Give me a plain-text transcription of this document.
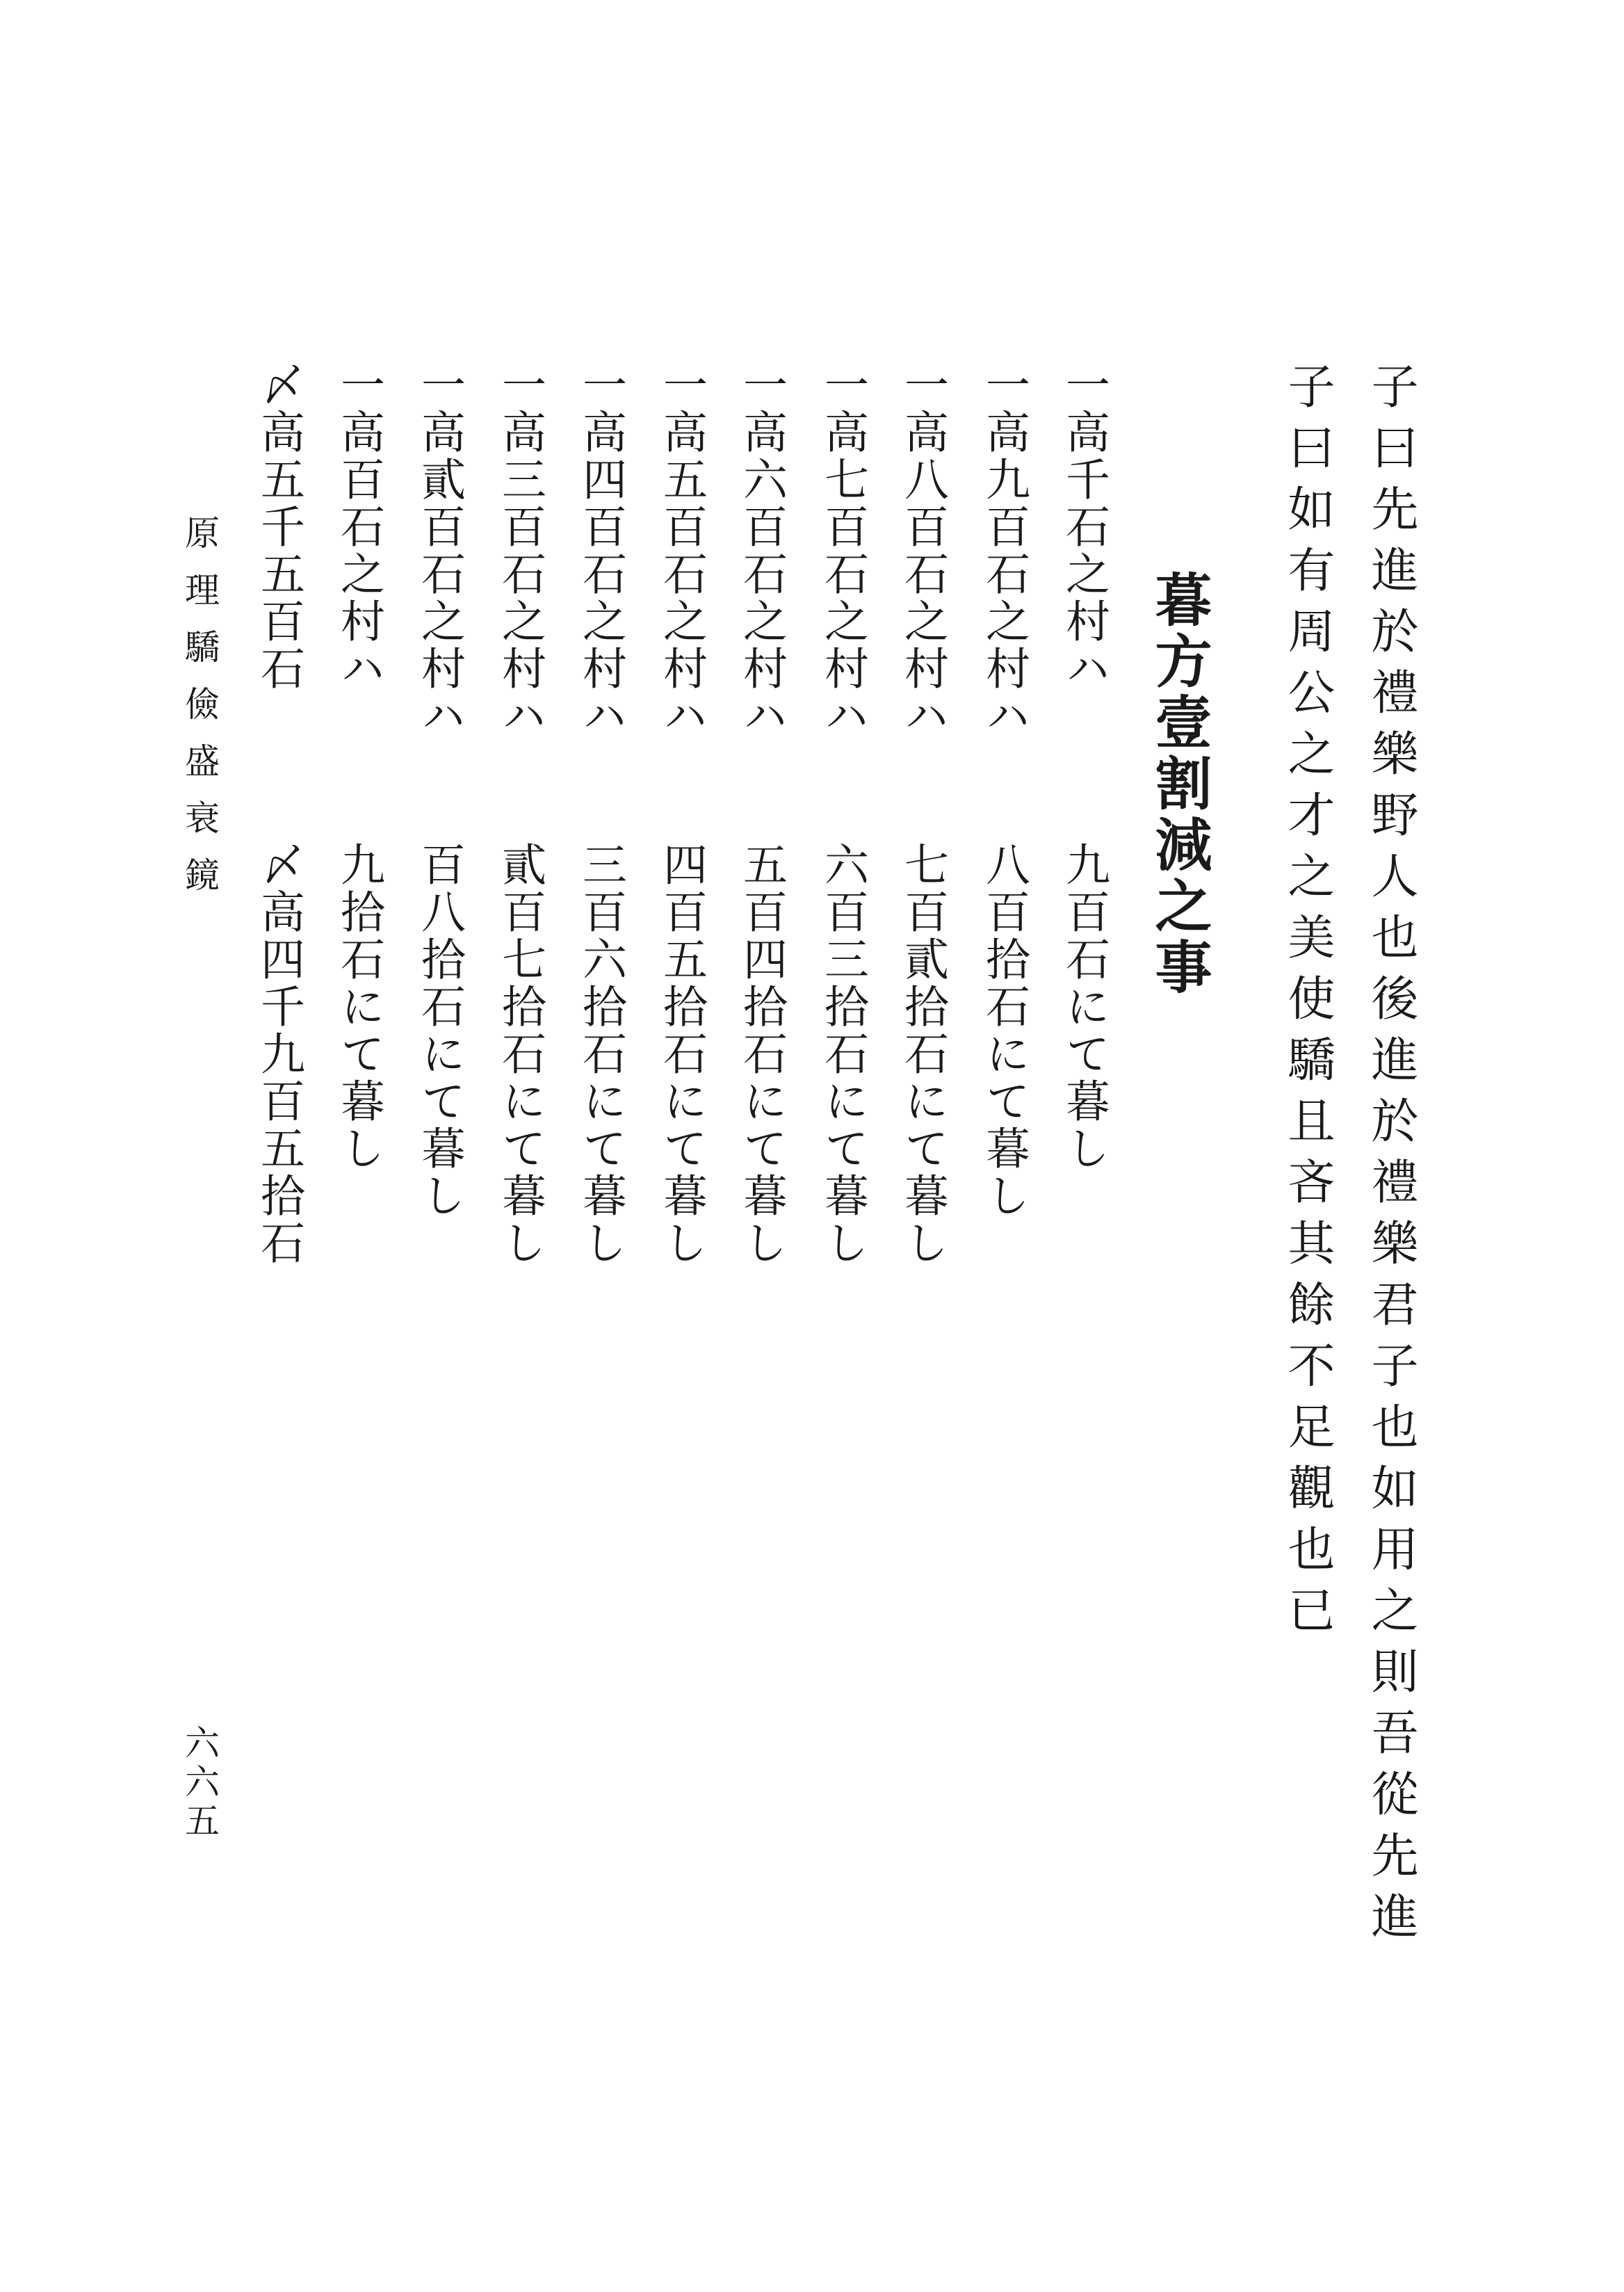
子曰先進於禮樂野人也後進於禮樂君子也如用之則吾從先進
子曰如有周公之才之美使驕且吝其餘不足觀也已
暮方壹割減之事
一高千石之村ハ
一高九百石之村ハ
一高八百石之村ハ
一高七百石之村ハ
一高六百石之村ハ
一高五百石之村ハ
一高四百石之村ハ
一高三百石之村ハ
一高貳百石之村ハ
一高百石之村ハ
〆高五千五百石
九百石にて暮し
八百拾石にて暮し
七百貳拾石にて暮し
六百三拾石にて暮し
五百四拾石にて暮し
四百五拾石にて暮し
三百六拾石にて暮し
貳百七拾石にて暮し
百八拾石にて暮し
九拾石にて暮し
〆高四千九百五拾石
原理驕儉盛衰鏡
六六五
